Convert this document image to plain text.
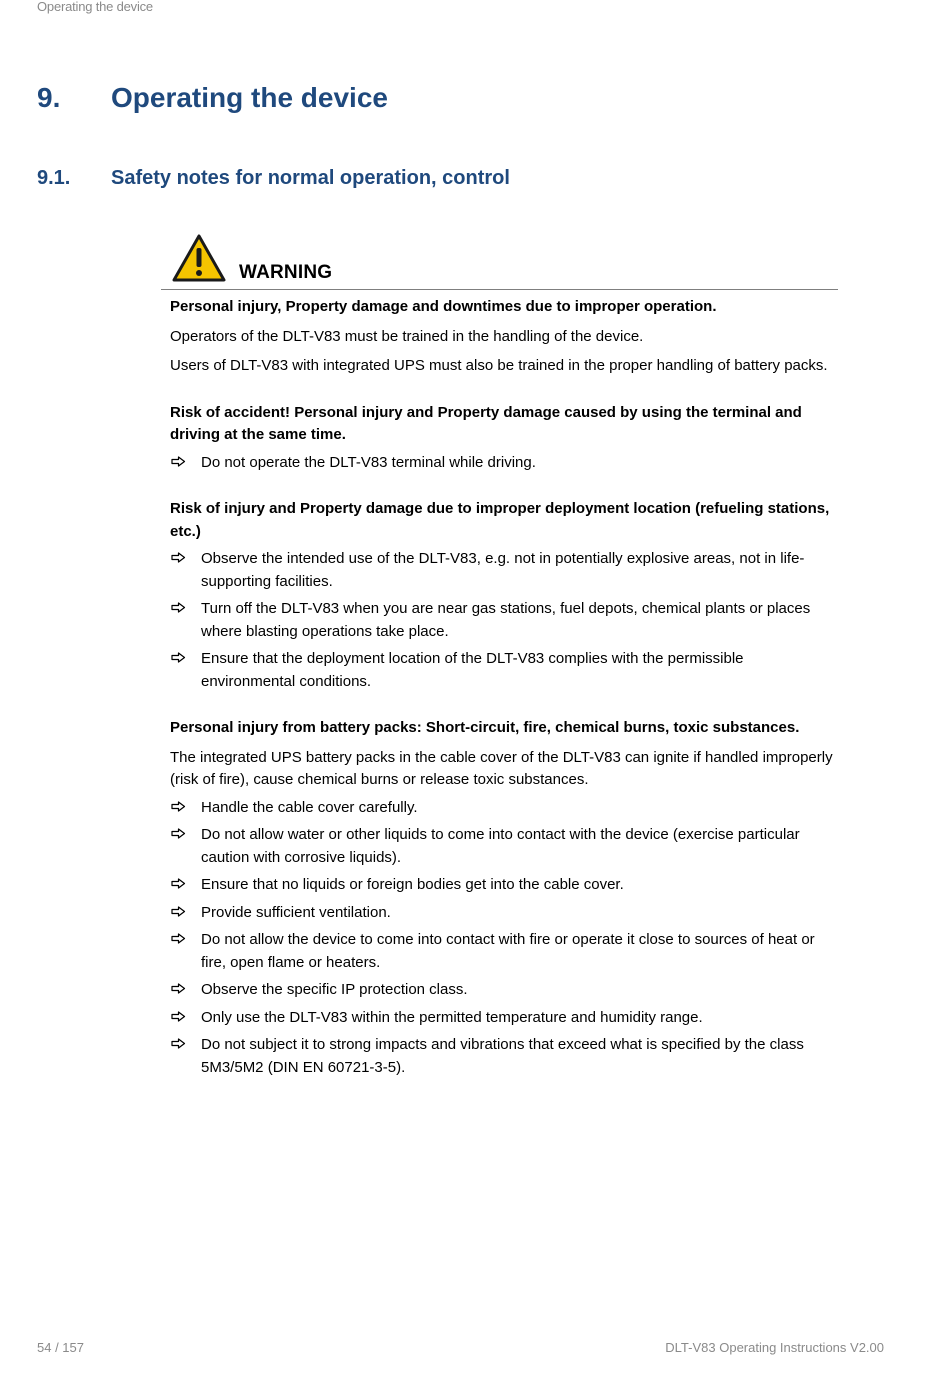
Operating the device
9. Operating the device
9.1. Safety notes for normal operation, control
WARNING

Personal injury, Property damage and downtimes due to improper operation.

Operators of the DLT-V83 must be trained in the handling of the device.

Users of DLT-V83 with integrated UPS must also be trained in the proper handling of battery packs.

Risk of accident! Personal injury and Property damage caused by using the terminal and driving at the same time.

Do not operate the DLT-V83 terminal while driving.

Risk of injury and Property damage due to improper deployment location (refueling stations, etc.)

Observe the intended use of the DLT-V83, e.g. not in potentially explosive areas, not in life-supporting facilities.
Turn off the DLT-V83 when you are near gas stations, fuel depots, chemical plants or places where blasting operations take place.
Ensure that the deployment location of the DLT-V83 complies with the permissible environmental conditions.

Personal injury from battery packs: Short-circuit, fire, chemical burns, toxic substances.

The integrated UPS battery packs in the cable cover of the DLT-V83 can ignite if handled improperly (risk of fire), cause chemical burns or release toxic substances.

Handle the cable cover carefully.
Do not allow water or other liquids to come into contact with the device (exercise particular caution with corrosive liquids).
Ensure that no liquids or foreign bodies get into the cable cover.
Provide sufficient ventilation.
Do not allow the device to come into contact with fire or operate it close to sources of heat or fire, open flame or heaters.
Observe the specific IP protection class.
Only use the DLT-V83 within the permitted temperature and humidity range.
Do not subject it to strong impacts and vibrations that exceed what is specified by the class 5M3/5M2 (DIN EN 60721-3-5).
54 / 157	DLT-V83 Operating Instructions V2.00
